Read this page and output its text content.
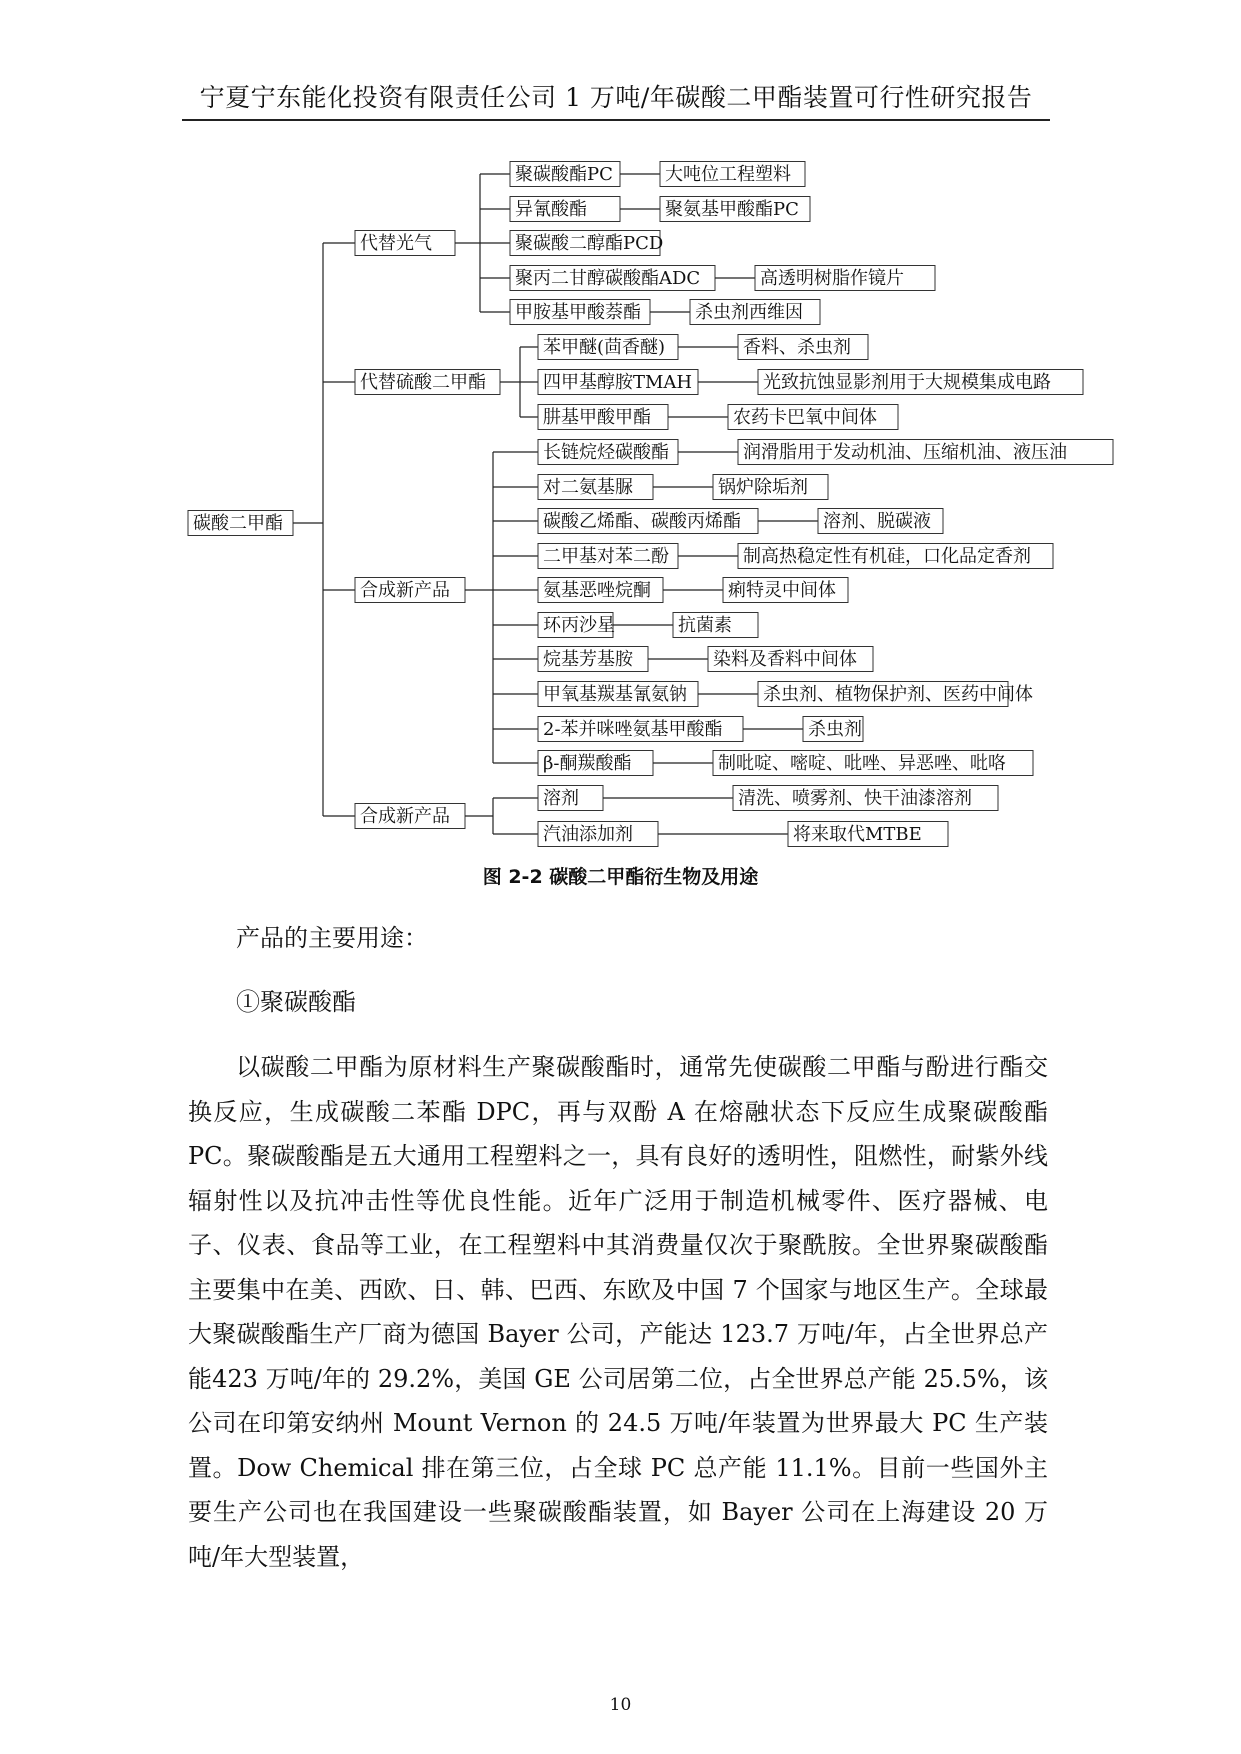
宁夏宁东能化投资有限责任公司 1 万吨/年碳酸二甲酯装置可行性研究报告
碳酸二甲酯
代替光气
聚碳酸酯PC	大吨位工程塑料
异氰酸酯	聚氨基甲酸酯PC
聚碳酸二醇酯PCD
聚丙二甘醇碳酸酯ADC	高透明树脂作镜片
甲胺基甲酸萘酯	杀虫剂西维因
代替硫酸二甲酯
苯甲醚(茴香醚)	香料、杀虫剂
四甲基醇胺TMAH	光致抗蚀显影剂用于大规模集成电路
肼基甲酸甲酯	农药卡巴氧中间体
合成新产品
长链烷烃碳酸酯	润滑脂用于发动机油、压缩机油、液压油
对二氨基脲	锅炉除垢剂
碳酸乙烯酯、碳酸丙烯酯	溶剂、脱碳液
二甲基对苯二酚	制高热稳定性有机硅，口化品定香剂
氨基恶唑烷酮	痢特灵中间体
环丙沙星	抗菌素
烷基芳基胺	染料及香料中间体
甲氧基羰基氰氨钠	杀虫剂、植物保护剂、医药中间体
2-苯并咪唑氨基甲酸酯	杀虫剂
β-酮羰酸酯	制吡啶、嘧啶、吡唑、异恶唑、吡咯
合成新产品
溶剂	清洗、喷雾剂、快干油漆溶剂
汽油添加剂	将来取代MTBE
图 2-2 碳酸二甲酯衍生物及用途
产品的主要用途：
①聚碳酸酯
以碳酸二甲酯为原材料生产聚碳酸酯时，通常先使碳酸二甲酯与酚进行酯交换反应，生成碳酸二苯酯 DPC，再与双酚 A 在熔融状态下反应生成聚碳酸酯PC。聚碳酸酯是五大通用工程塑料之一，具有良好的透明性，阻燃性，耐紫外线辐射性以及抗冲击性等优良性能。近年广泛用于制造机械零件、医疗器械、电子、仪表、食品等工业，在工程塑料中其消费量仅次于聚酰胺。全世界聚碳酸酯主要集中在美、西欧、日、韩、巴西、东欧及中国 7 个国家与地区生产。全球最大聚碳酸酯生产厂商为德国 Bayer 公司，产能达 123.7 万吨/年，占全世界总产能423 万吨/年的 29.2%，美国 GE 公司居第二位，占全世界总产能 25.5%，该公司在印第安纳州 Mount Vernon 的 24.5 万吨/年装置为世界最大 PC 生产装置。Dow Chemical 排在第三位，占全球 PC 总产能 11.1%。目前一些国外主要生产公司也在我国建设一些聚碳酸酯装置，如 Bayer 公司在上海建设 20 万吨/年大型装置，
10
